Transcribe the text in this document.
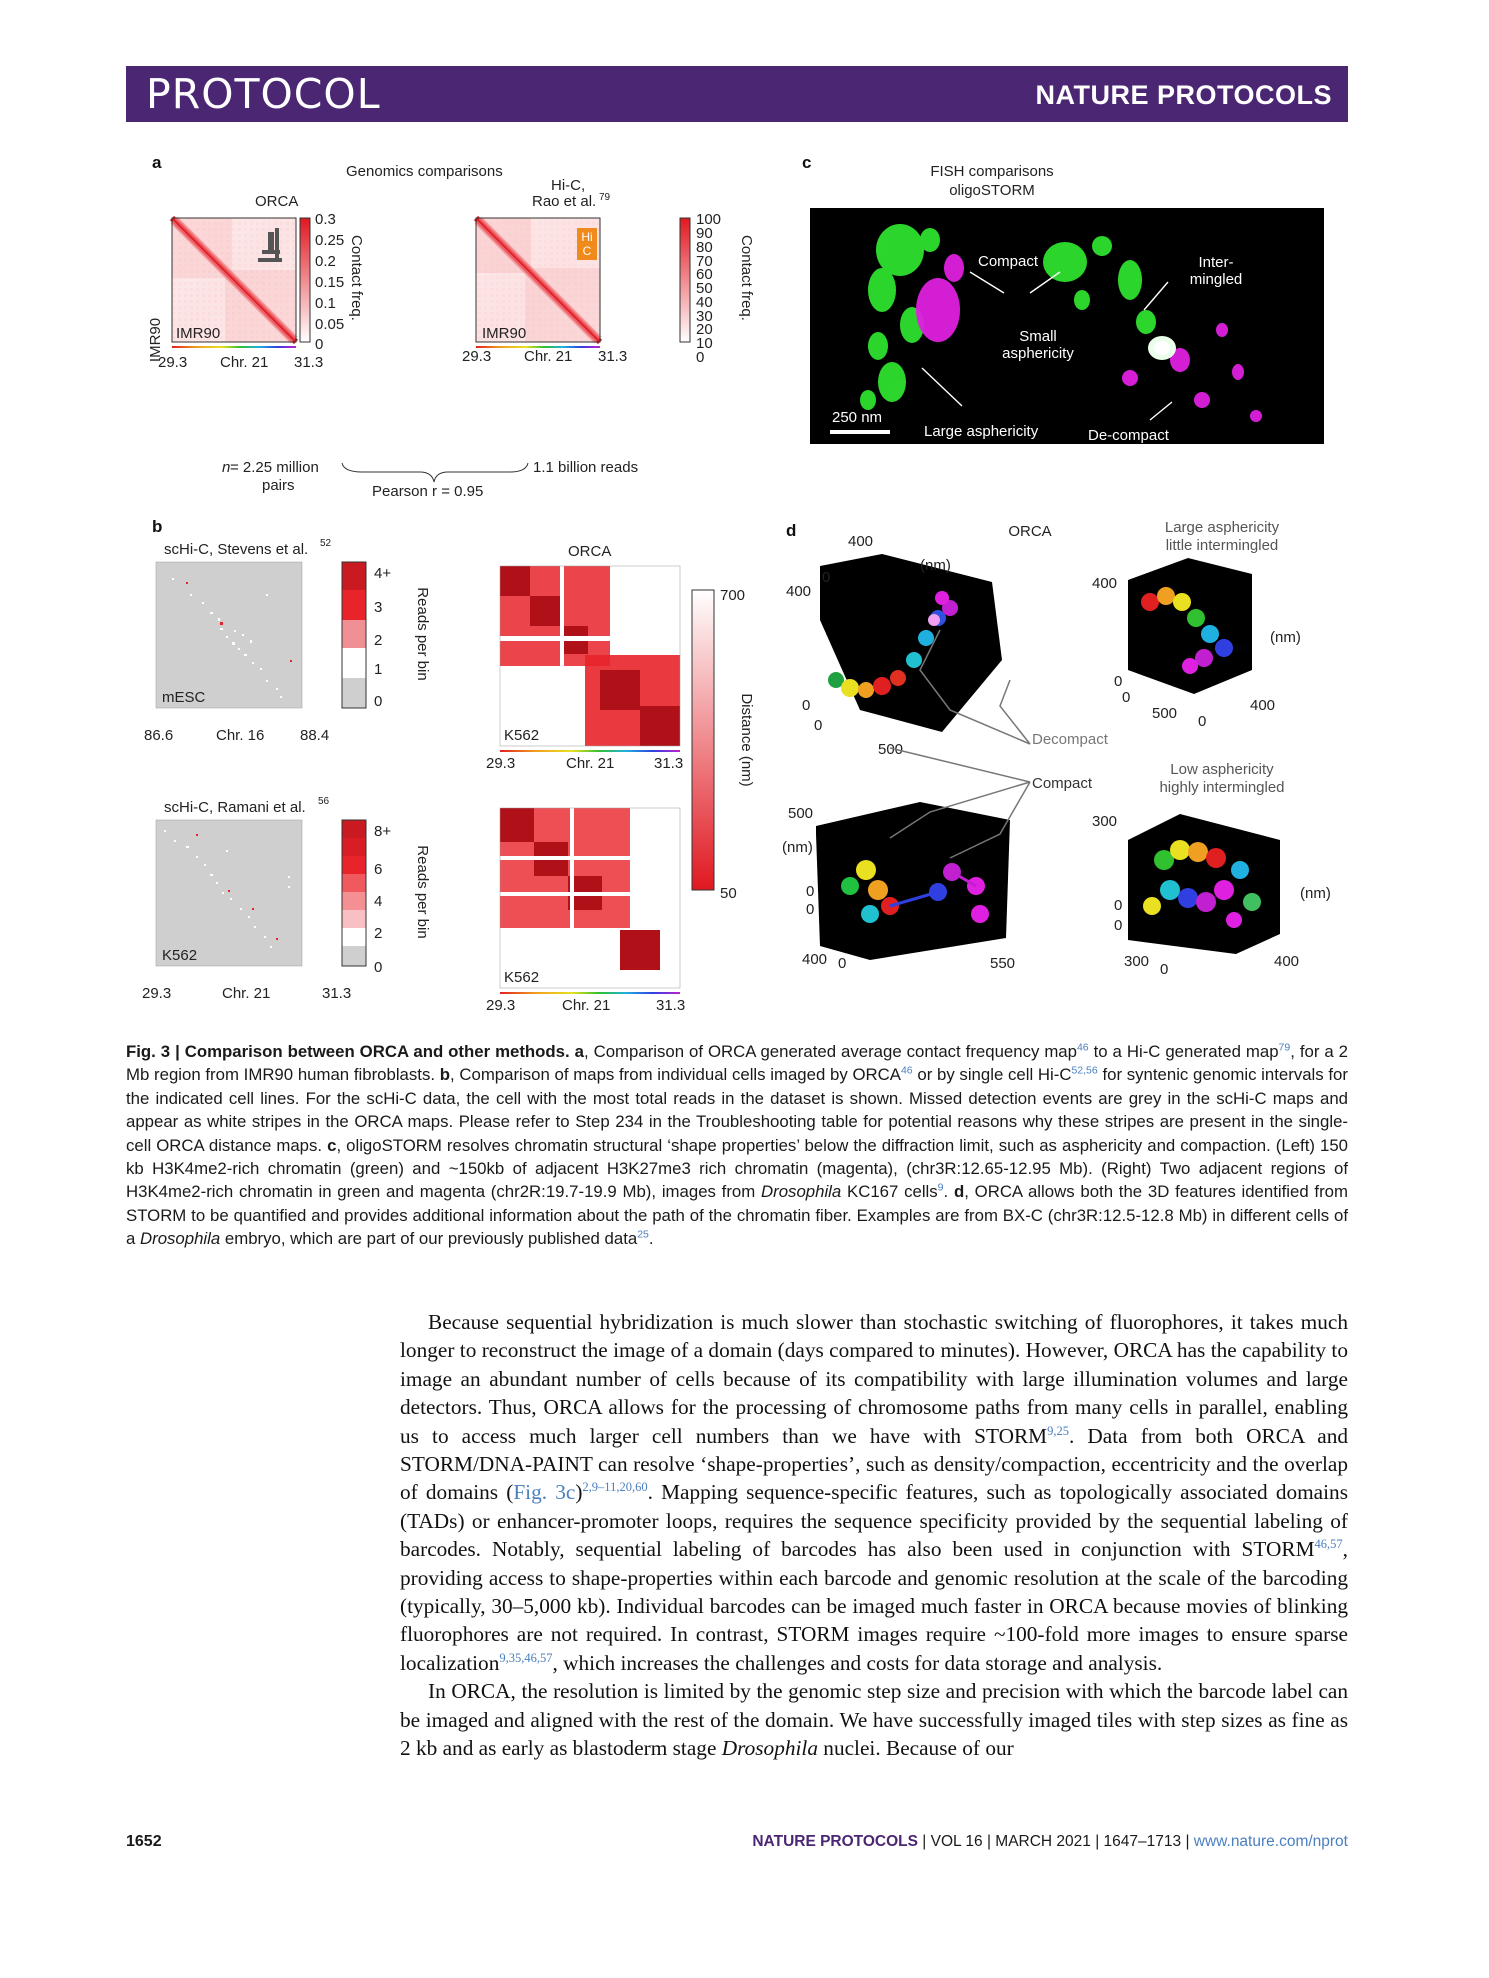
PROTOCOL	NATURE PROTOCOLS
a	Genomics comparisons
ORCA
Hi-C,
Rao et al. 79
IMR90 IMR90
0.3
0.25
0.2
0.15
0.1
0.05
0
Contact freq.
29.3 Chr. 21 31.3
Hi
C
IMR90
100
90
80
70
60
50
40
30
20
10
0
Contact freq.
29.3 Chr. 21 31.3
n = 2.25 million
pairs
1.1 billion reads
Pearson r = 0.95
b
scHi-C, Stevens et al. 52
mESC
4+
3
2
1
0
Reads per bin
86.6	Chr. 16 88.4
scHi-C, Ramani et al. 56
K562
8+
6
4
2
0
Reads per bin
29.3	Chr. 21	31.3
ORCA
K562
29.3	Chr. 21	31.3
K562
29.3	Chr. 21	31.3
700
50
Distance (nm)
c	FISH comparisons
oligoSTORM
Compact	Inter-
mingled
Small
asphericity
Large asphericity	De-compact
250 nm
d	ORCA	Large asphericity
little intermingled
Low asphericity
highly intermingled
400
0
400
0
0
500
(nm)
400
0
0
500 0
400
(nm)
500
0
0
400 0	550
(nm)
300
0
0
300 0	400
(nm)
Decompact
Compact
Fig. 3 | Comparison between ORCA and other methods. a, Comparison of ORCA generated average contact frequency map$^{46}$ to a Hi-C generated map$^{79}$, for a 2 Mb region from IMR90 human fibroblasts. b, Comparison of maps from individual cells imaged by ORCA$^{46}$ or by single cell $Hi-C^{52,56}$ for syntenic genomic intervals for the indicated cell lines. For the scHi-C data, the cell with the most total reads in the dataset is shown. Missed detection events are grey in the scHi-C maps and appear as white stripes in the ORCA maps. Please refer to Step 234 in the Troubleshooting table for potential reasons why these stripes are present in the single-cell ORCA distance maps. c, oligoSTORM resolves chromatin structural ‘shape properties’ below the diffraction limit, such as asphericity and compaction. (Left) 150 kb H3K4me2-rich chromatin (green) and ~150kb of adjacent H3K27me3 rich chromatin (magenta), (chr3R:12.65-12.95 Mb). (Right) Two adjacent regions of H3K4me2-rich chromatin in green and magenta (chr2R:19.7-19.9 Mb), images from Drosophila KC167 cells$^9$. d, ORCA allows both the 3D features identified from STORM to be quantified and provides additional information about the path of the chromatin fiber. Examples are from BX-C (chr3R:12.5-12.8 Mb) in different cells of a Drosophila embryo, which are part of our previously published data$^{25}$.

Because sequential hybridization is much slower than stochastic switching of fluorophores, it takes much longer to reconstruct the image of a domain (days compared to minutes). However, ORCA has the capability to image an abundant number of cells because of its compatibility with large illumination volumes and large detectors. Thus, ORCA allows for the processing of chromosome paths from many cells in parallel, enabling us to access much larger cell numbers than we have with STORM$^{9,25}$. Data from both ORCA and STORM/DNA-PAINT can resolve ‘shape-properties’, such as density/compaction, eccentricity and the overlap of domains (Fig. 3c)$^{2,9-11,20,60}$. Mapping sequence-specific features, such as topologically associated domains (TADs) or enhancer-promoter loops, requires the sequence specificity provided by the sequential labeling of barcodes. Notably, sequential labeling of barcodes has also been used in conjunction with STORM$^{46,57}$, providing access to shape-properties within each barcode and genomic resolution at the scale of the barcoding (typically, 30–5,000 kb). Individual barcodes can be imaged much faster in ORCA because movies of blinking fluorophores are not required. In contrast, STORM images require ~100-fold more images to ensure sparse localization$^{9,35,46,57}$, which increases the challenges and costs for data storage and analysis.

In ORCA, the resolution is limited by the genomic step size and precision with which the barcode label can be imaged and aligned with the rest of the domain. We have successfully imaged tiles with step sizes as fine as 2 kb and as early as blastoderm stage Drosophila nuclei. Because of our

1652	NATURE PROTOCOLS | VOL 16 | MARCH 2021 | 1647–1713 | www.nature.com/nprot
